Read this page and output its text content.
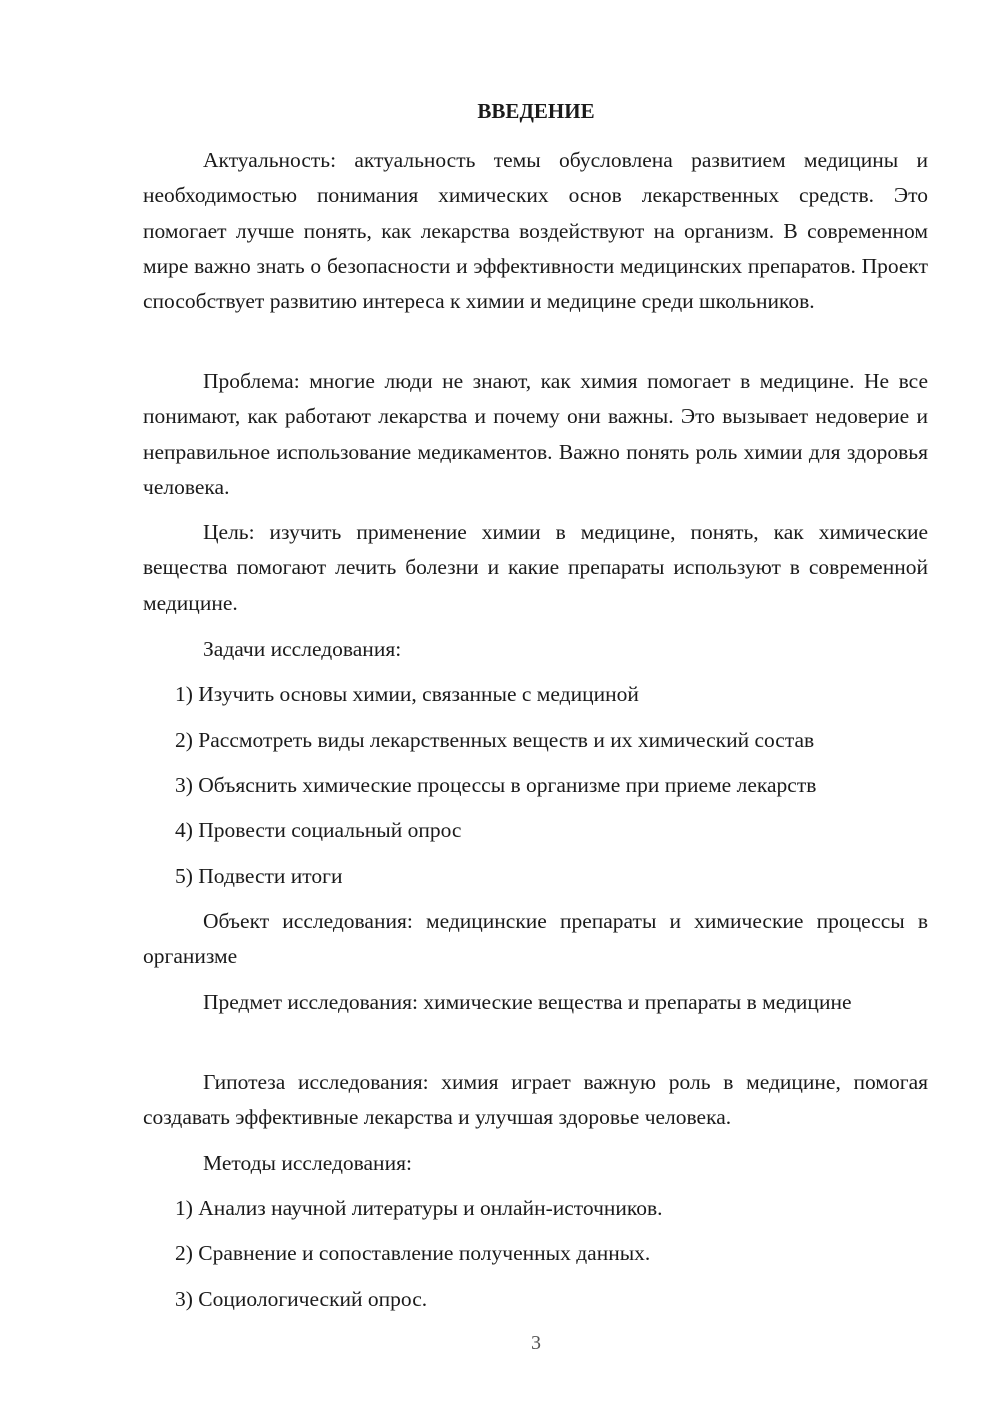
ВВЕДЕНИЕ

Актуальность: актуальность темы обусловлена развитием медицины и необходимостью понимания химических основ лекарственных средств. Это помогает лучше понять, как лекарства воздействуют на организм. В современном мире важно знать о безопасности и эффективности медицинских препаратов. Проект способствует развитию интереса к химии и медицине среди школьников.

Проблема: многие люди не знают, как химия помогает в медицине. Не все понимают, как работают лекарства и почему они важны. Это вызывает недоверие и неправильное использование медикаментов. Важно понять роль химии для здоровья человека.

Цель: изучить применение химии в медицине, понять, как химические вещества помогают лечить болезни и какие препараты используют в современной медицине.

Задачи исследования:

1) Изучить основы химии, связанные с медициной

2) Рассмотреть виды лекарственных веществ и их химический состав

3) Объяснить химические процессы в организме при приеме лекарств

4) Провести социальный опрос

5) Подвести итоги

Объект исследования: медицинские препараты и химические процессы в организме

Предмет исследования: химические вещества и препараты в медицине

Гипотеза исследования: химия играет важную роль в медицине, помогая создавать эффективные лекарства и улучшая здоровье человека.

Методы исследования:

1) Анализ научной литературы и онлайн-источников.

2) Сравнение и сопоставление полученных данных.

3) Социологический опрос.

3
